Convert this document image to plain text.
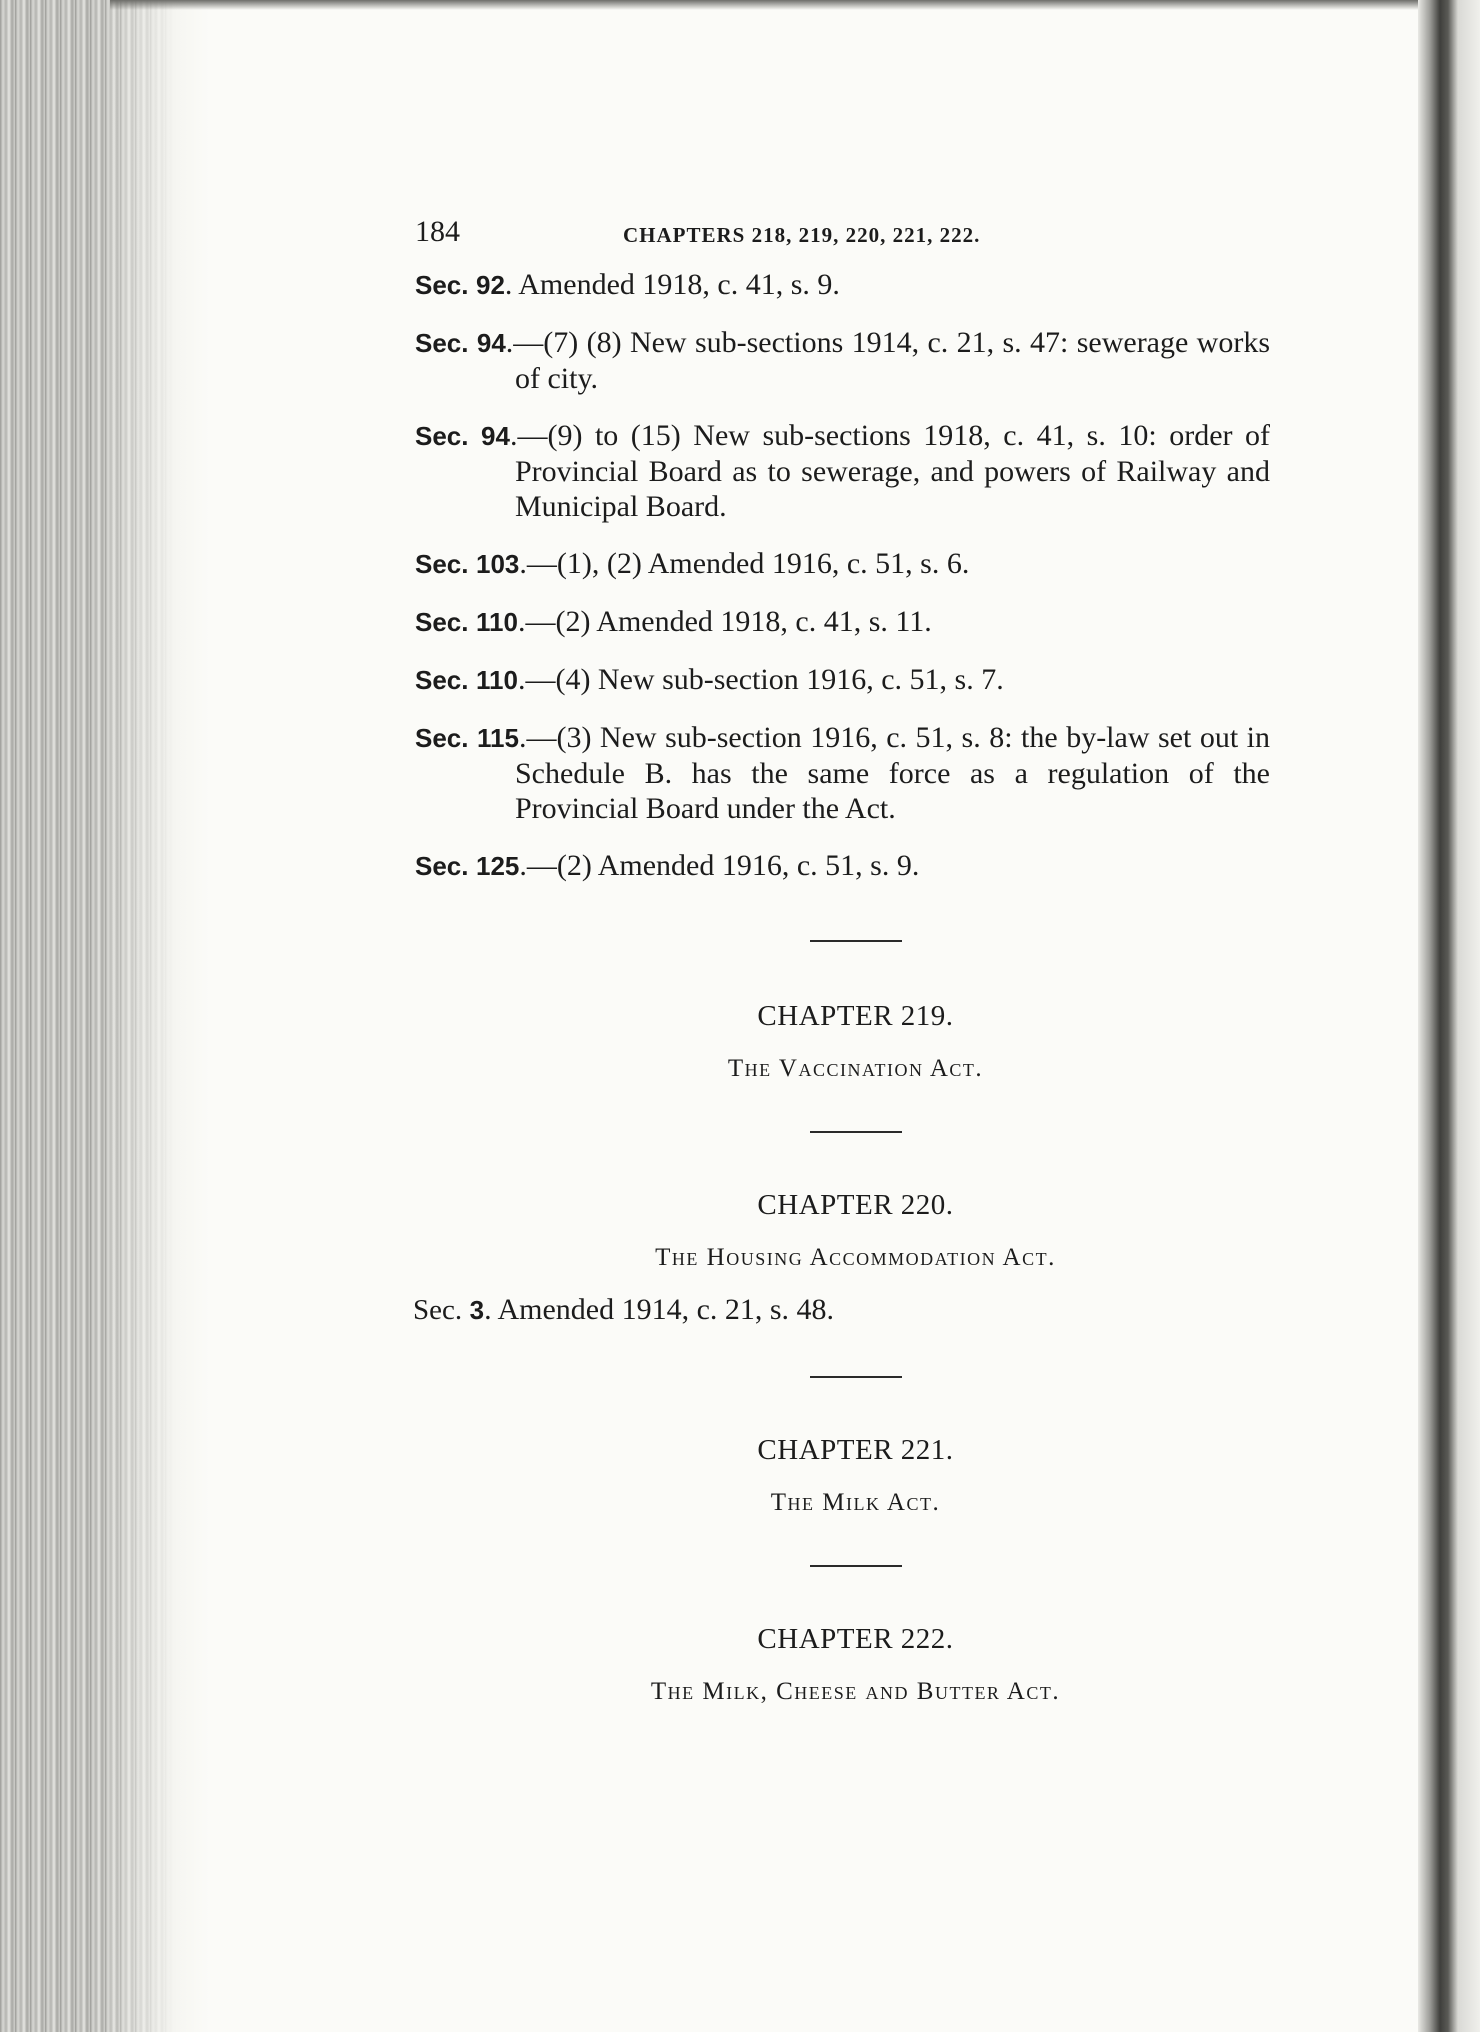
184	CHAPTERS 218, 219, 220, 221, 222.

Sec. 92. Amended 1918, c. 41, s. 9.

Sec. 94.—(7) (8) New sub-sections 1914, c. 21, s. 47: sewerage works of city.

Sec. 94.—(9) to (15) New sub-sections 1918, c. 41, s. 10: order of Provincial Board as to sewerage, and powers of Railway and Municipal Board.

Sec. 103.—(1), (2) Amended 1916, c. 51, s. 6.

Sec. 110.—(2) Amended 1918, c. 41, s. 11.

Sec. 110.—(4) New sub-section 1916, c. 51, s. 7.

Sec. 115.—(3) New sub-section 1916, c. 51, s. 8: the by-law set out in Schedule B. has the same force as a regulation of the Provincial Board under the Act.

Sec. 125.—(2) Amended 1916, c. 51, s. 9.

CHAPTER 219.
The Vaccination Act.
CHAPTER 220.
The Housing Accommodation Act.

Sec. 3. Amended 1914, c. 21, s. 48.

CHAPTER 221.
The Milk Act.
CHAPTER 222.
The Milk, Cheese and Butter Act.
